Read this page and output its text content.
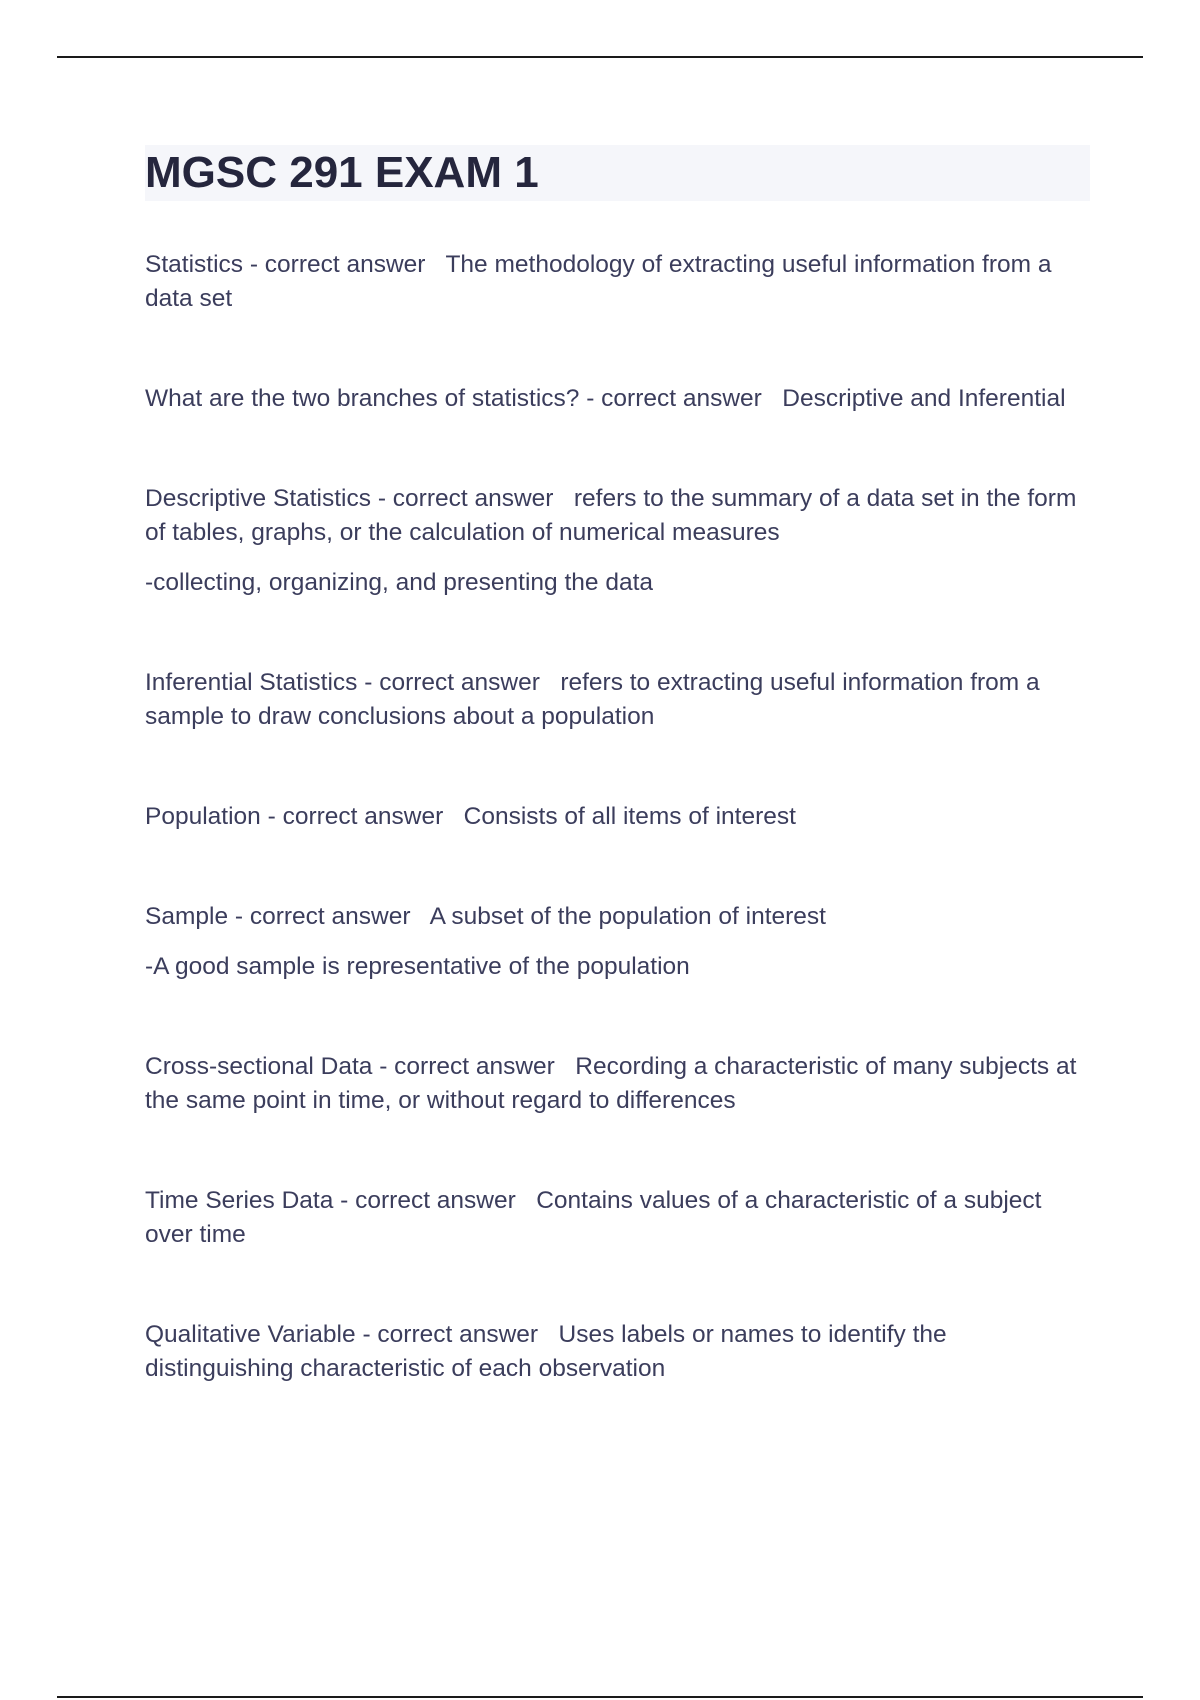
MGSC 291 EXAM 1

Statistics - correct answer The methodology of extracting useful information from a data set

What are the two branches of statistics? - correct answer Descriptive and Inferential

Descriptive Statistics - correct answer refers to the summary of a data set in the form of tables, graphs, or the calculation of numerical measures

-collecting, organizing, and presenting the data

Inferential Statistics - correct answer refers to extracting useful information from a sample to draw conclusions about a population

Population - correct answer Consists of all items of interest

Sample - correct answer A subset of the population of interest

-A good sample is representative of the population

Cross-sectional Data - correct answer Recording a characteristic of many subjects at the same point in time, or without regard to differences

Time Series Data - correct answer Contains values of a characteristic of a subject over time

Qualitative Variable - correct answer Uses labels or names to identify the distinguishing characteristic of each observation
